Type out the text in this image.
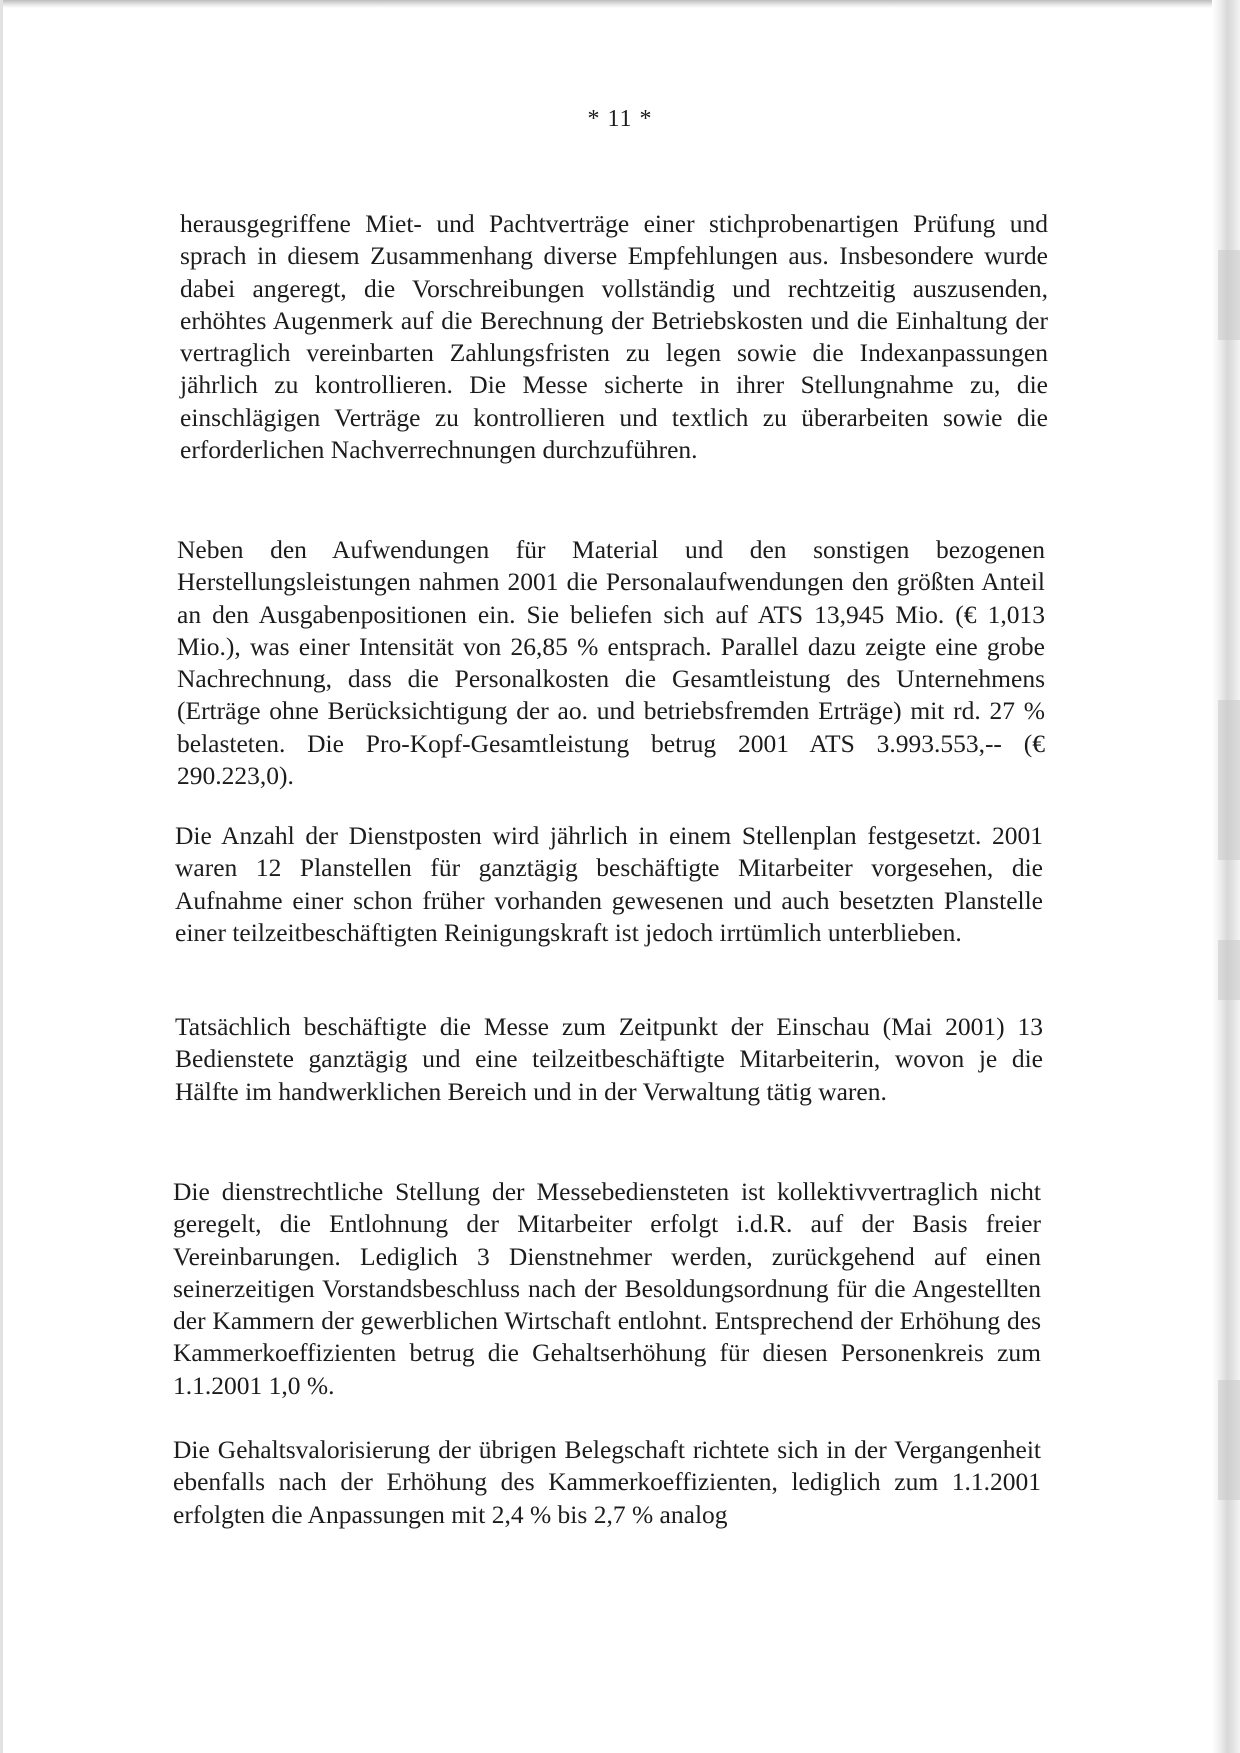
* 11 *

herausgegriffene Miet- und Pachtverträge einer stichprobenartigen Prüfung und sprach in diesem Zusammenhang diverse Empfehlungen aus. Insbesondere wurde dabei angeregt, die Vorschreibungen vollständig und rechtzeitig auszusenden, erhöhtes Augenmerk auf die Berechnung der Betriebskosten und die Einhaltung der vertraglich vereinbarten Zahlungsfristen zu legen sowie die Indexanpassungen jährlich zu kontrollieren. Die Messe sicherte in ihrer Stellungnahme zu, die einschlägigen Verträge zu kontrollieren und textlich zu überarbeiten sowie die erforderlichen Nachverrechnungen durchzuführen.

Neben den Aufwendungen für Material und den sonstigen bezogenen Herstellungsleistungen nahmen 2001 die Personalaufwendungen den größten Anteil an den Ausgabenpositionen ein. Sie beliefen sich auf ATS 13,945 Mio. (€ 1,013 Mio.), was einer Intensität von 26,85 % entsprach. Parallel dazu zeigte eine grobe Nachrechnung, dass die Personalkosten die Gesamtleistung des Unternehmens (Erträge ohne Berücksichtigung der ao. und betriebsfremden Erträge) mit rd. 27 % belasteten. Die Pro-Kopf-Gesamtleistung betrug 2001 ATS 3.993.553,-- (€ 290.223,0).

Die Anzahl der Dienstposten wird jährlich in einem Stellenplan festgesetzt. 2001 waren 12 Planstellen für ganztägig beschäftigte Mitarbeiter vorgesehen, die Aufnahme einer schon früher vorhanden gewesenen und auch besetzten Planstelle einer teilzeitbeschäftigten Reinigungskraft ist jedoch irrtümlich unterblieben.

Tatsächlich beschäftigte die Messe zum Zeitpunkt der Einschau (Mai 2001) 13 Bedienstete ganztägig und eine teilzeitbeschäftigte Mitarbeiterin, wovon je die Hälfte im handwerklichen Bereich und in der Verwaltung tätig waren.

Die dienstrechtliche Stellung der Messebediensteten ist kollektivvertraglich nicht geregelt, die Entlohnung der Mitarbeiter erfolgt i.d.R. auf der Basis freier Vereinbarungen. Lediglich 3 Dienstnehmer werden, zurückgehend auf einen seinerzeitigen Vorstandsbeschluss nach der Besoldungsordnung für die Angestellten der Kammern der gewerblichen Wirtschaft entlohnt. Entsprechend der Erhöhung des Kammerkoeffizienten betrug die Gehaltserhöhung für diesen Personenkreis zum 1.1.2001 1,0 %.

Die Gehaltsvalorisierung der übrigen Belegschaft richtete sich in der Vergangenheit ebenfalls nach der Erhöhung des Kammerkoeffizienten, lediglich zum 1.1.2001 erfolgten die Anpassungen mit 2,4 % bis 2,7 % analog
